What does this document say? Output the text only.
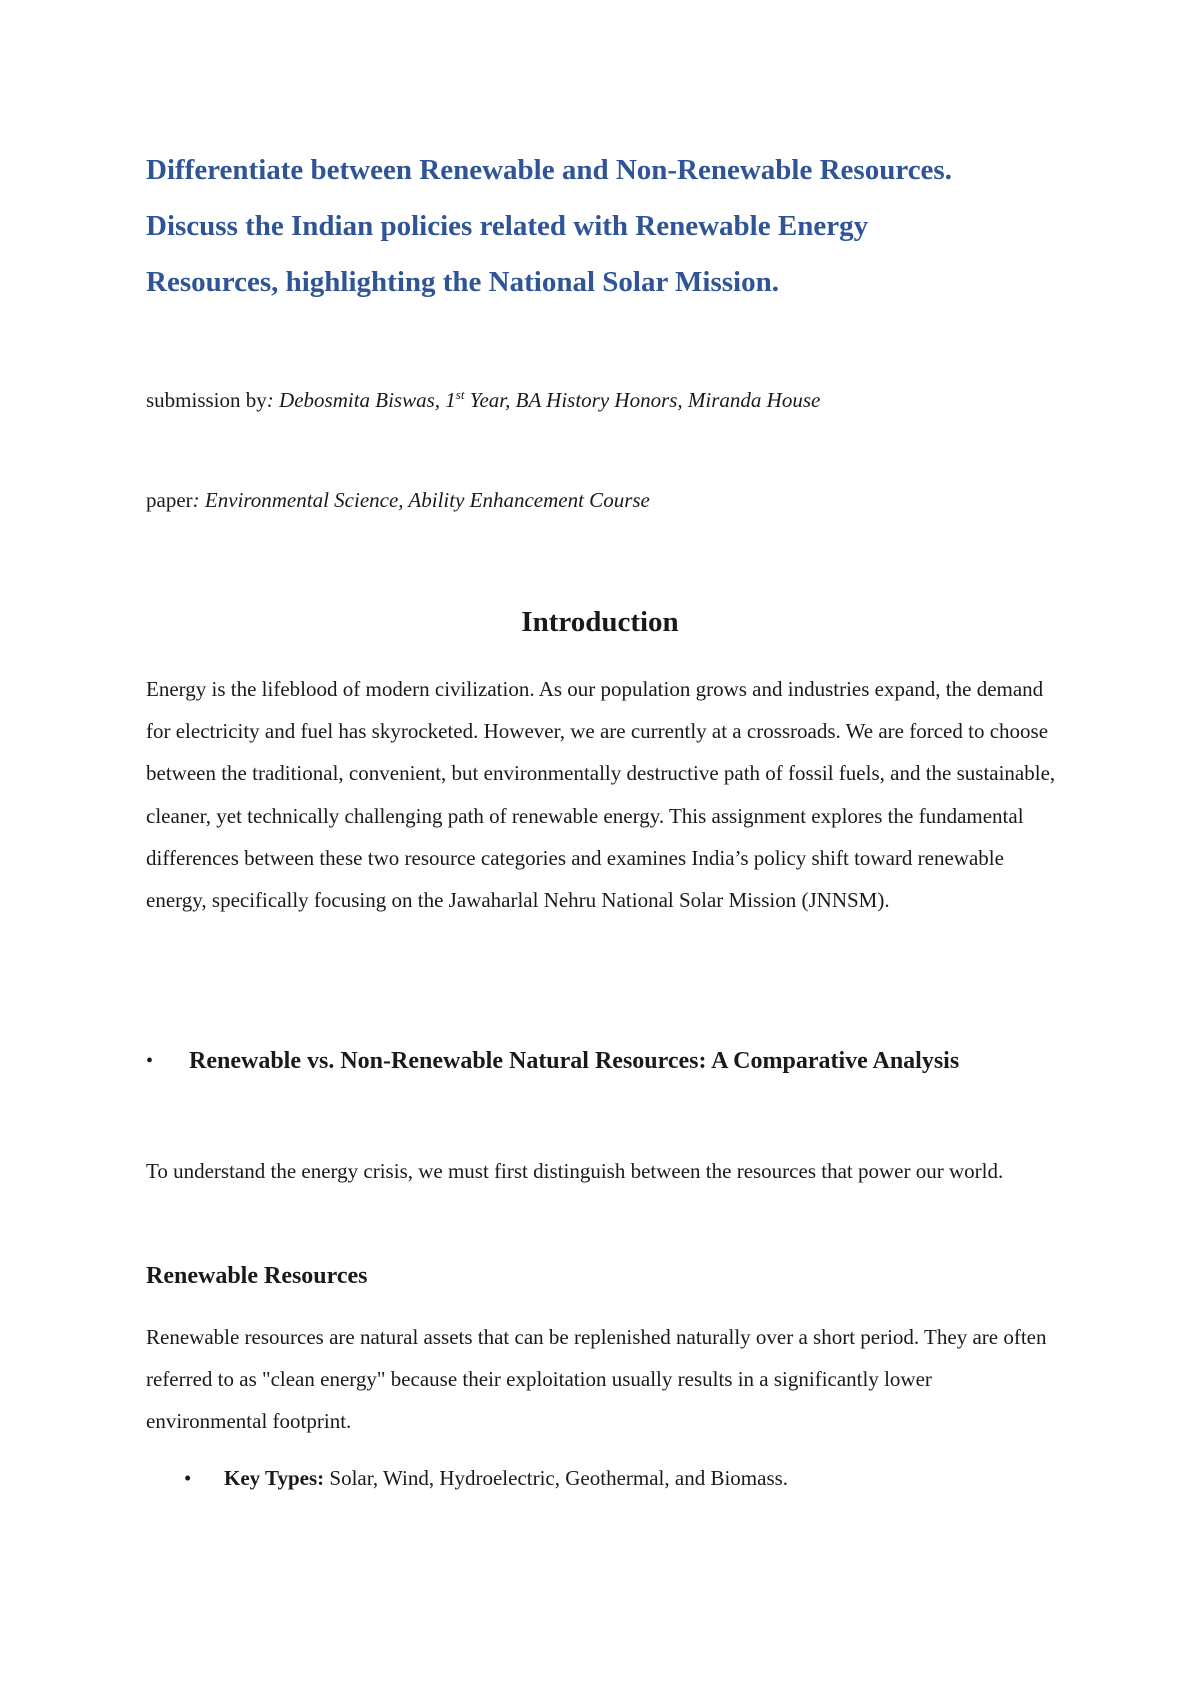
Differentiate between Renewable and Non-Renewable Resources. Discuss the Indian policies related with Renewable Energy Resources, highlighting the National Solar Mission.

submission by: Debosmita Biswas, 1st Year, BA History Honors, Miranda House

paper: Environmental Science, Ability Enhancement Course

Introduction

Energy is the lifeblood of modern civilization. As our population grows and industries expand, the demand for electricity and fuel has skyrocketed. However, we are currently at a crossroads. We are forced to choose between the traditional, convenient, but environmentally destructive path of fossil fuels, and the sustainable, cleaner, yet technically challenging path of renewable energy. This assignment explores the fundamental differences between these two resource categories and examines India’s policy shift toward renewable energy, specifically focusing on the Jawaharlal Nehru National Solar Mission (JNNSM).

•	Renewable vs. Non-Renewable Natural Resources: A Comparative Analysis

To understand the energy crisis, we must first distinguish between the resources that power our world.

Renewable Resources

Renewable resources are natural assets that can be replenished naturally over a short period. They are often referred to as "clean energy" because their exploitation usually results in a significantly lower environmental footprint.

• Key Types: Solar, Wind, Hydroelectric, Geothermal, and Biomass.
